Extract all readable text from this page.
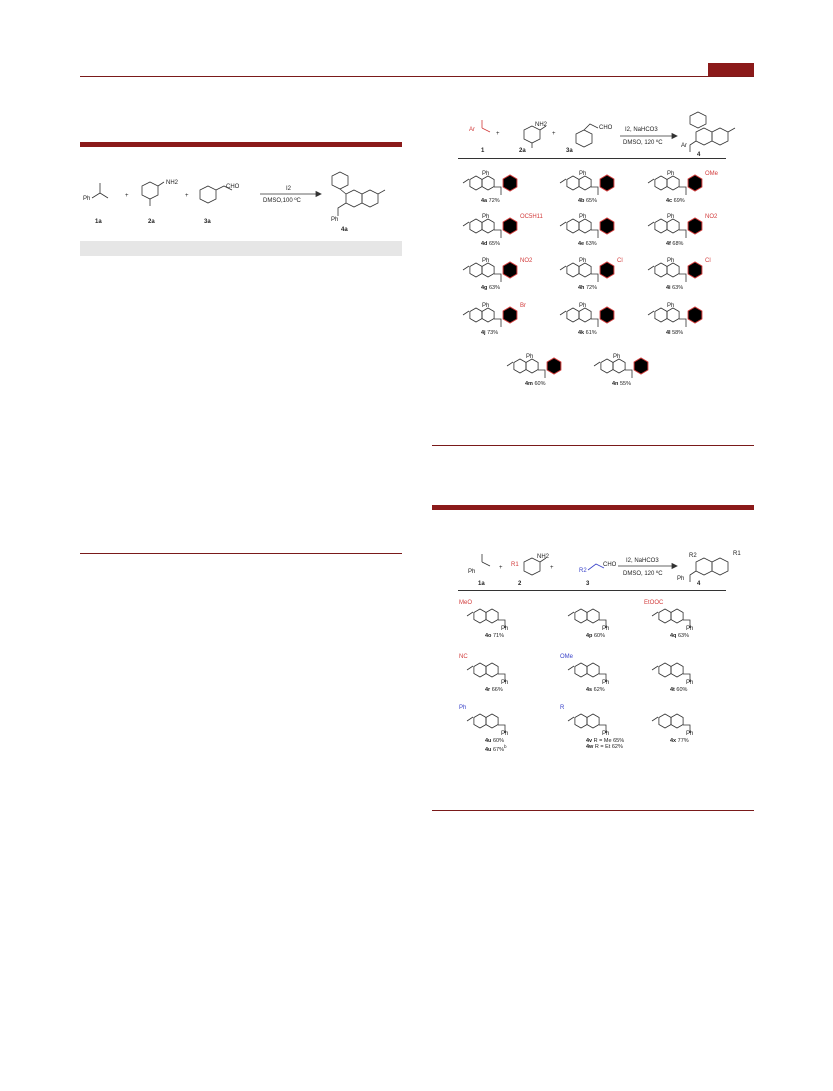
Ph	+
NH2
+
CHO	I2
DMSO,100 ºC
Ph
1a	2a	3a
4a
Ar
+
NH2
+
CHO I2, NaHCO3
DMSO, 120 ºC	Ar
1	2a	3a
4
Ph
+ R1
NH2
+	R2
CHO
I2, NaHCO3
DMSO, 120 ºC
R2	R1
Ph
1a	2	3	4
Ph
4a 72%
Ph
4b 65%
Ph	OMe
4c 69%
Ph	OC5H11
4d 65%
Ph
4e 63%
Ph	NO2
4f 68%
Ph	NO2
4g 63%
Ph	Cl
4h 72%
Ph	Cl
4i 63%
Ph	Br
4j 73%
Ph
4k 61%
Ph
4l 58%
Ph
4m 60%
Ph
4n 55%
MeO
Ph
4o 71%
Ph
4p 60%
EtOOC
Ph
4q 63%
NC
Ph
4r 66%
OMe
Ph
4s 62%
Ph
4t 60%
Ph
Ph
4u 60%
4u 67%$^b$
R
Ph
4v R = Me 65%
4w R = Et 62%
Ph
4x 77%
